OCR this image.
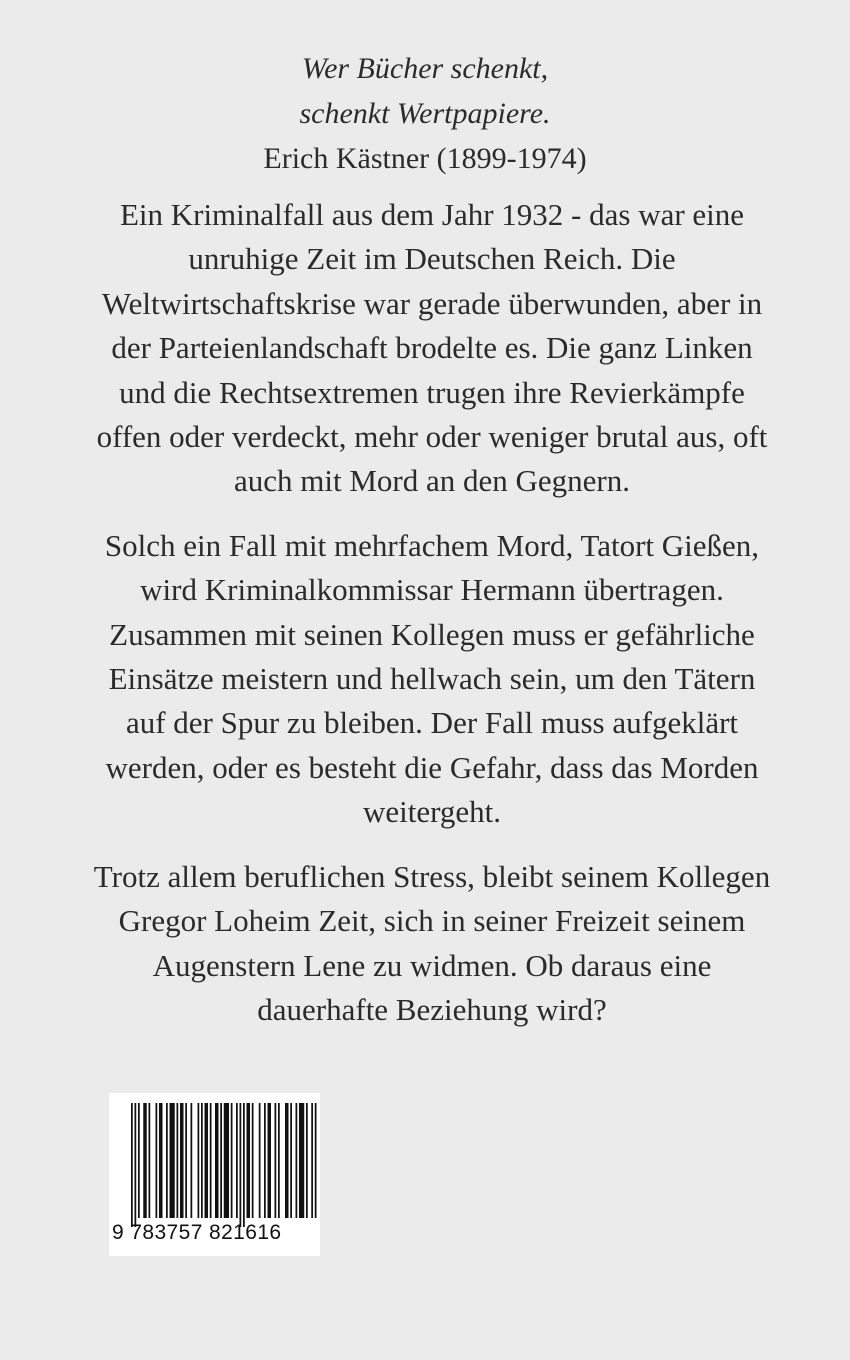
Wer Bücher schenkt,
schenkt Wertpapiere.
Erich Kästner (1899-1974)

Ein Kriminalfall aus dem Jahr 1932 - das war eine unruhige Zeit im Deutschen Reich. Die Weltwirtschaftskrise war gerade überwunden, aber in der Parteienlandschaft brodelte es. Die ganz Linken und die Rechtsextremen trugen ihre Revierkämpfe offen oder verdeckt, mehr oder weniger brutal aus, oft auch mit Mord an den Gegnern.

Solch ein Fall mit mehrfachem Mord, Tatort Gießen, wird Kriminalkommissar Hermann übertragen. Zusammen mit seinen Kollegen muss er gefährliche Einsätze meistern und hellwach sein, um den Tätern auf der Spur zu bleiben. Der Fall muss aufgeklärt werden, oder es besteht die Gefahr, dass das Morden weitergeht.

Trotz allem beruflichen Stress, bleibt seinem Kollegen Gregor Loheim Zeit, sich in seiner Freizeit seinem Augenstern Lene zu widmen. Ob daraus eine dauerhafte Beziehung wird?

9 783757 821616
